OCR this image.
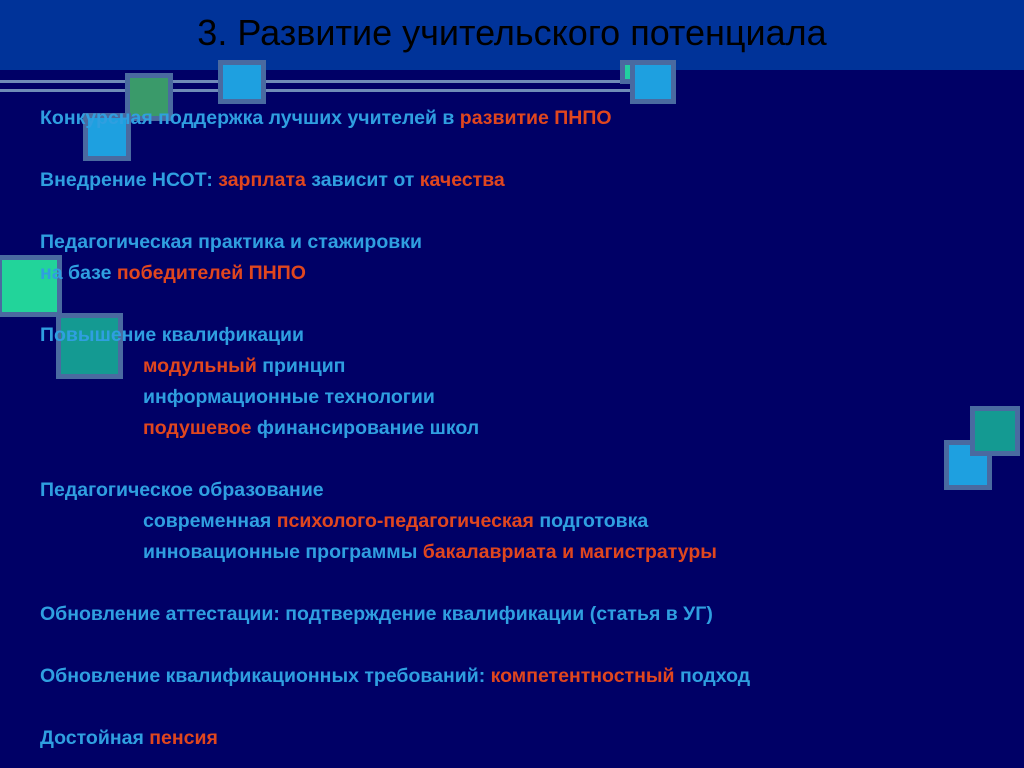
3. Развитие учительского потенциала
Конкурсная поддержка лучших учителей в развитие ПНПО
Внедрение НСОТ: зарплата зависит от качества
Педагогическая практика и стажировки
на базе победителей ПНПО
Повышение квалификации
модульный принцип
информационные технологии
подушевое финансирование школ
Педагогическое образование
современная психолого-педагогическая подготовка
инновационные программы бакалавриата и магистратуры
Обновление аттестации: подтверждение квалификации (статья в УГ)
Обновление квалификационных требований: компетентностный подход
Достойная пенсия
